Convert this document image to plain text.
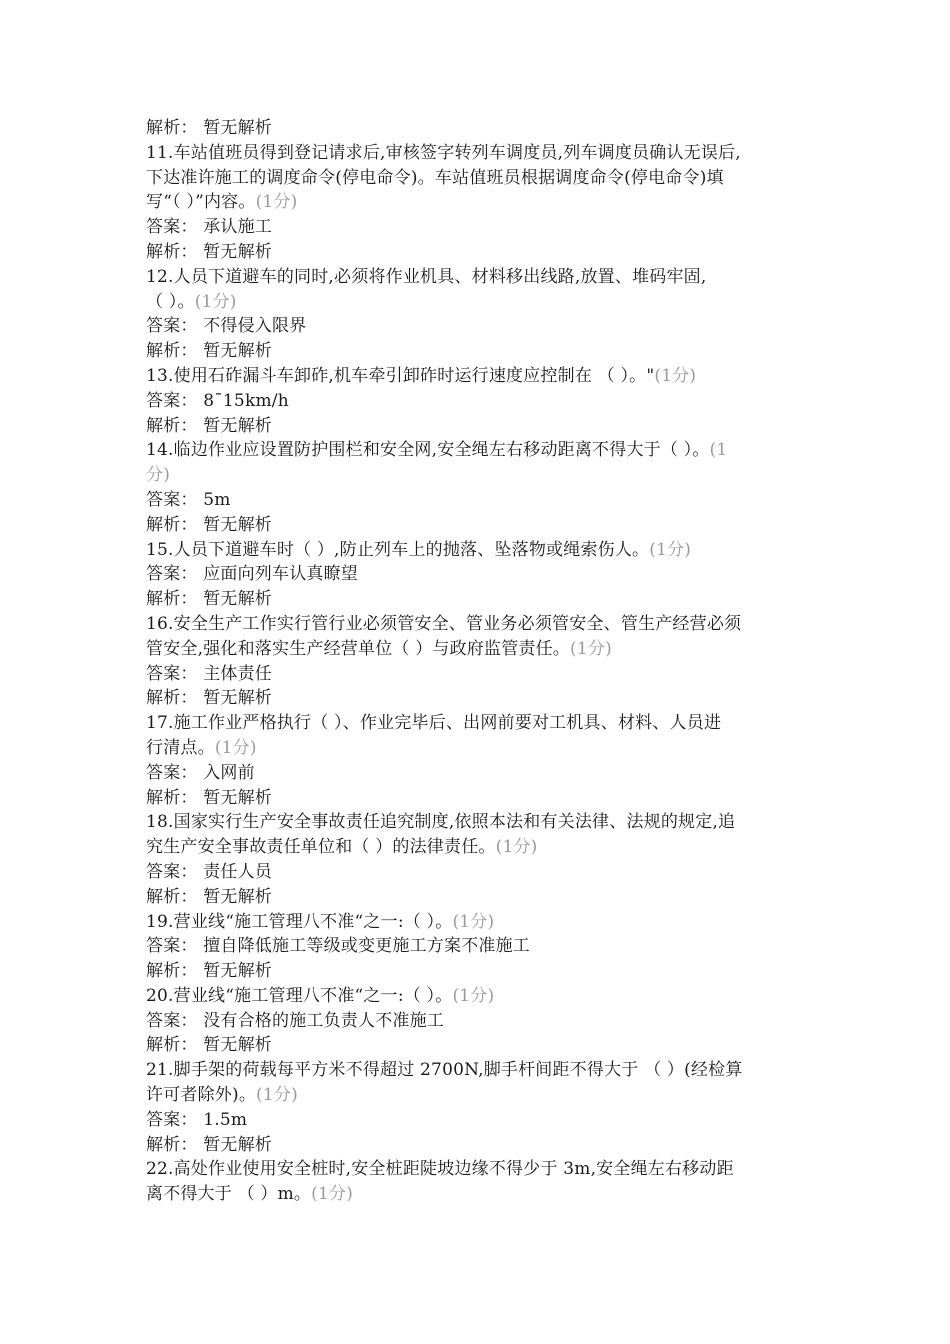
解析： 暂无解析
11.车站值班员得到登记请求后,审核签字转列车调度员,列车调度员确认无误后,
下达准许施工的调度命令(停电命令)。车站值班员根据调度命令(停电命令)填
写“（ ）”内容。(1分)
答案： 承认施工
解析： 暂无解析
12.人员下道避车的同时,必须将作业机具、材料移出线路,放置、堆码牢固,
（ ）。(1分)
答案： 不得侵入限界
解析： 暂无解析
13.使用石砟漏斗车卸砟,机车牵引卸砟时运行速度应控制在 （ ）。"(1分)
答案： 8¯15km/h
解析： 暂无解析
14.临边作业应设置防护围栏和安全网,安全绳左右移动距离不得大于（ ）。(1
分)
答案： 5m
解析： 暂无解析
15.人员下道避车时（ ）,防止列车上的抛落、坠落物或绳索伤人。(1分)
答案： 应面向列车认真瞭望
解析： 暂无解析
16.安全生产工作实行管行业必须管安全、管业务必须管安全、管生产经营必须
管安全,强化和落实生产经营单位（ ）与政府监管责任。(1分)
答案： 主体责任
解析： 暂无解析
17.施工作业严格执行（ ）、作业完毕后、出网前要对工机具、材料、人员进
行清点。(1分)
答案： 入网前
解析： 暂无解析
18.国家实行生产安全事故责任追究制度,依照本法和有关法律、法规的规定,追
究生产安全事故责任单位和（ ）的法律责任。(1分)
答案： 责任人员
解析： 暂无解析
19.营业线“施工管理八不准“之一:（ ）。(1分)
答案： 擅自降低施工等级或变更施工方案不准施工
解析： 暂无解析
20.营业线“施工管理八不准“之一:（ ）。(1分)
答案： 没有合格的施工负责人不准施工
解析： 暂无解析
21.脚手架的荷载每平方米不得超过 2700N,脚手杆间距不得大于 （ ）(经检算
许可者除外)。(1分)
答案： 1.5m
解析： 暂无解析
22.高处作业使用安全桩时,安全桩距陡坡边缘不得少于 3m,安全绳左右移动距
离不得大于 （ ）m。(1分)
